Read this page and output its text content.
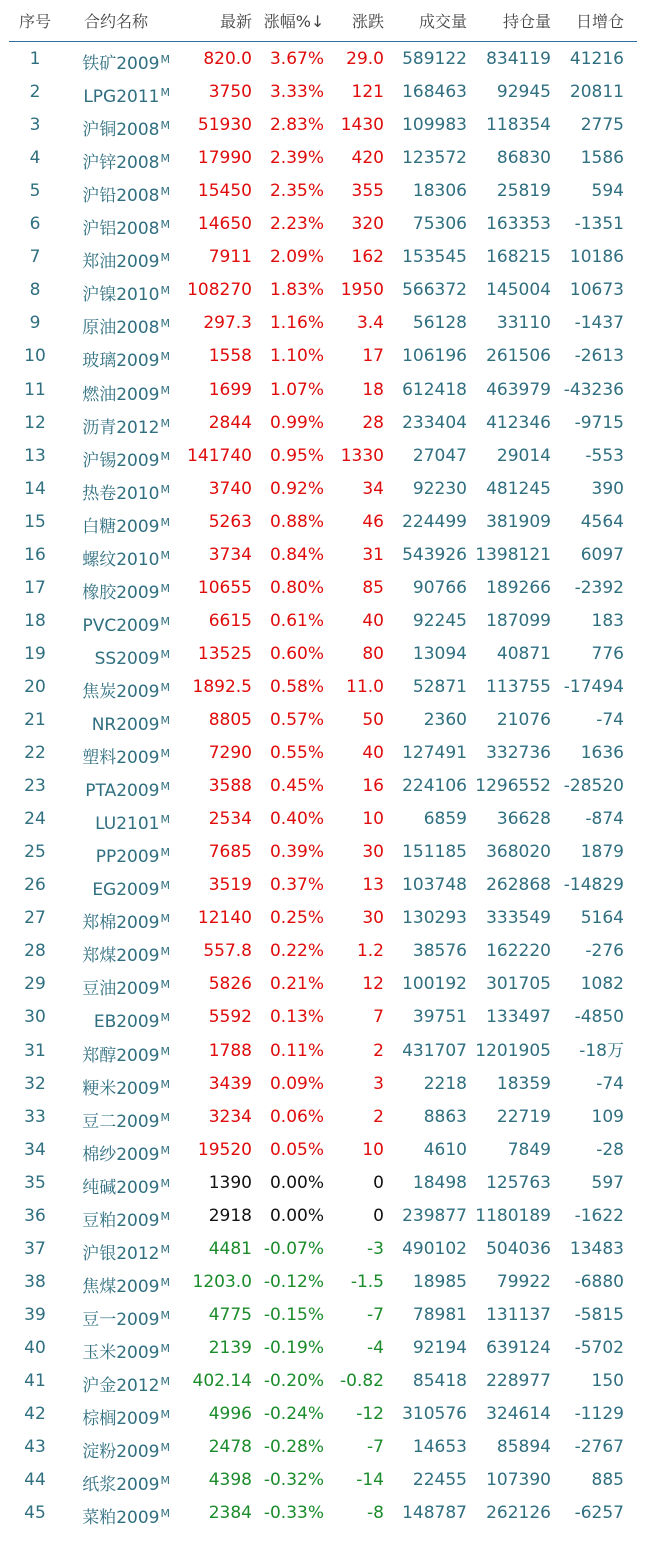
序号	合约名称	最新 涨幅%↓	涨跌	成交量	持仓量	日增仓
1	铁矿$2009^M$	820.0	3.67%	29.0	589122	834119	41216
2	$LPG2011^M$	3750	3.33%	121	168463	92945	20811
3	沪铜$2008^M$	51930	2.83% 1430	109983	118354	2775
4	沪锌$2008^M$	17990	2.39%	420	123572	86830	1586
5	沪铅$2008^M$	15450	2.35%	355	18306	25819	594
6	沪铝$2008^M$	14650	2.23%	320	75306	163353	-1351
7	郑油$2009^M$	7911	2.09%	162	153545	168215	10186
8	沪镍$2010^M$	108270	1.83% 1950	566372	145004	10673
9	原油$2008^M$	297.3	1.16%	3.4	56128	33110	-1437
10	玻璃$2009^M$	1558	1.10%	17	106196	261506	-2613
11	燃油$2009^M$	1699	1.07%	18	612418	463979 -43236
12	沥青$2012^M$	2844	0.99%	28	233404	412346	-9715
13	沪锡$2009^M$	141740	0.95% 1330	27047	29014	-553
14	热卷$2010^M$	3740	0.92%	34	92230	481245	390
15	白糖$2009^M$	5263	0.88%	46	224499	381909	4564
16	螺纹$2010^M$	3734	0.84%	31	543926 1398121	6097
17	橡胶$2009^M$	10655	0.80%	85	90766	189266	-2392
18	$PVC2009^M$	6615	0.61%	40	92245	187099	183
19	$SS2009^M$	13525	0.60%	80	13094	40871	776
20	焦炭$2009^M$	1892.5	0.58%	11.0	52871	113755 -17494
21	$NR2009^M$	8805	0.57%	50	2360	21076	-74
22	塑料$2009^M$	7290	0.55%	40	127491	332736	1636
23	$PTA2009^M$	3588	0.45%	16	224106 1296552 -28520
24	$LU2101^M$	2534	0.40%	10	6859	36628	-874
25	$PP2009^M$	7685	0.39%	30	151185	368020	1879
26	$EG2009^M$	3519	0.37%	13	103748	262868 -14829
27	郑棉$2009^M$	12140	0.25%	30	130293	333549	5164
28	郑煤$2009^M$	557.8	0.22%	1.2	38576	162220	-276
29	豆油$2009^M$	5826	0.21%	12	100192	301705	1082
30	$EB2009^M$	5592	0.13%	7	39751	133497	-4850
31	郑醇$2009^M$	1788	0.11%	2	431707 1201905	-18万
32	粳米$2009^M$	3439	0.09%	3	2218	18359	-74
33	豆二$2009^M$	3234	0.06%	2	8863	22719	109
34	棉纱$2009^M$	19520	0.05%	10	4610	7849	-28
35	纯碱$2009^M$	1390	0.00%	0	18498	125763	597
36	豆粕$2009^M$	2918	0.00%	0	239877 1180189	-1622
37	沪银$2012^M$	4481 -0.07%	-3	490102	504036	13483
38	焦煤$2009^M$	1203.0 -0.12%	-1.5	18985	79922	-6880
39	豆一$2009^M$	4775 -0.15%	-7	78981	131137	-5815
40	玉米$2009^M$	2139 -0.19%	-4	92194	639124	-5702
41	沪金$2012^M$	402.14 -0.20% -0.82	85418	228977	150
42	棕榈$2009^M$	4996 -0.24%	-12	310576	324614	-1129
43	淀粉$2009^M$	2478 -0.28%	-7	14653	85894	-2767
44	纸浆$2009^M$	4398 -0.32%	-14	22455	107390	885
45	菜粕$2009^M$	2384 -0.33%	-8	148787	262126	-6257
